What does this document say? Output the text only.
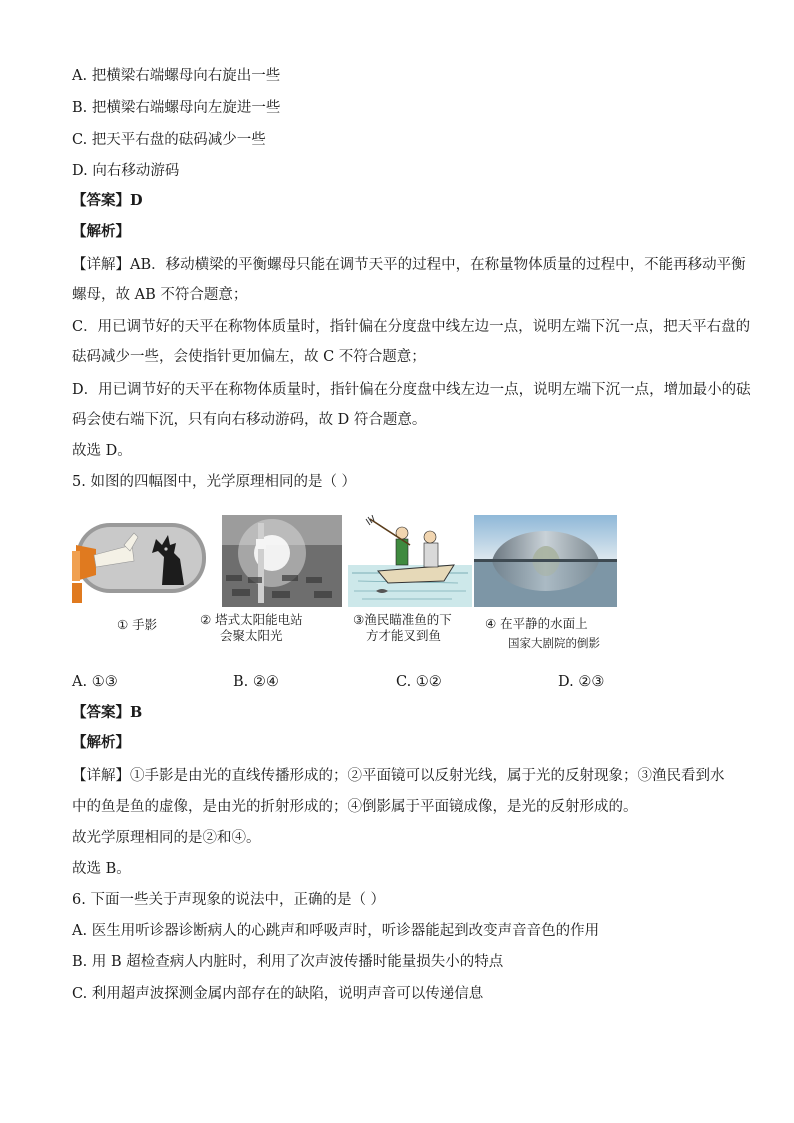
A. 把横梁右端螺母向右旋出一些
B. 把横梁右端螺母向左旋进一些
C. 把天平右盘的砝码减少一些
D. 向右移动游码
【答案】D
【解析】
【详解】AB．移动横梁的平衡螺母只能在调节天平的过程中，在称量物体质量的过程中，不能再移动平衡
螺母，故 AB 不符合题意；
C．用已调节好的天平在称物体质量时，指针偏在分度盘中线左边一点，说明左端下沉一点，把天平右盘的
砝码减少一些，会使指针更加偏左，故 C 不符合题意；
D．用已调节好的天平在称物体质量时，指针偏在分度盘中线左边一点，说明左端下沉一点，增加最小的砝
码会使右端下沉，只有向右移动游码，故 D 符合题意。
故选 D。
5. 如图的四幅图中，光学原理相同的是（ ）
① 手影	② 塔式太阳能电站
会聚太阳光
③渔民瞄准鱼的下
方才能叉到鱼
④ 在平静的水面上
国家大剧院的倒影
A. ①③	B. ②④	C. ①②	D. ②③
【答案】B
【解析】
【详解】①手影是由光的直线传播形成的；②平面镜可以反射光线，属于光的反射现象；③渔民看到水
中的鱼是鱼的虚像，是由光的折射形成的；④倒影属于平面镜成像，是光的反射形成的。
故光学原理相同的是②和④。
故选 B。
6. 下面一些关于声现象的说法中，正确的是（ ）
A. 医生用听诊器诊断病人的心跳声和呼吸声时，听诊器能起到改变声音音色的作用
B. 用 B 超检查病人内脏时，利用了次声波传播时能量损失小的特点
C. 利用超声波探测金属内部存在的缺陷，说明声音可以传递信息
